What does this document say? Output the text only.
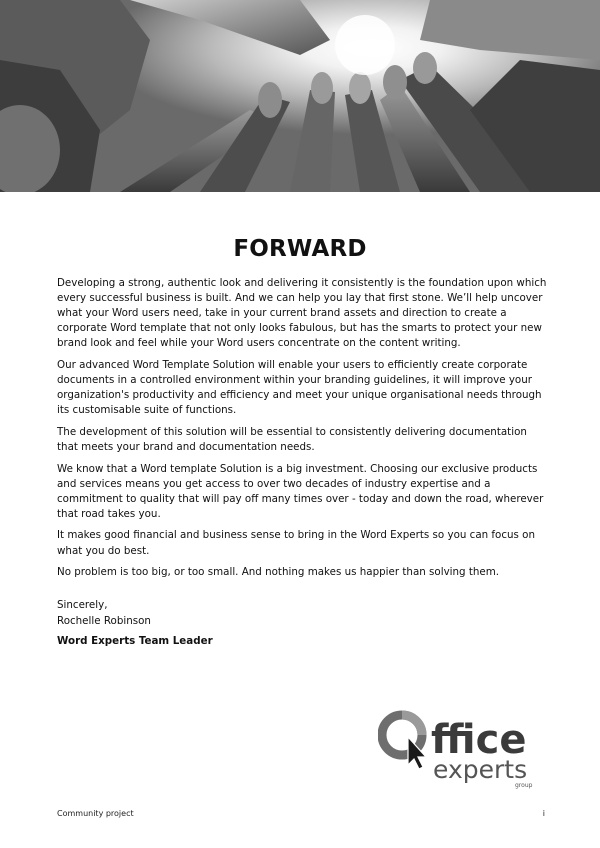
FORWARD

Developing a strong, authentic look and delivering it consistently is the foundation upon which every successful business is built. And we can help you lay that first stone. We’ll help uncover what your Word users need, take in your current brand assets and direction to create a corporate Word template that not only looks fabulous, but has the smarts to protect your new brand look and feel while your Word users concentrate on the content writing.

Our advanced Word Template Solution will enable your users to efficiently create corporate documents in a controlled environment within your branding guidelines, it will improve your organization's productivity and efficiency and meet your unique organisational needs through its customisable suite of functions.

The development of this solution will be essential to consistently delivering documentation that meets your brand and documentation needs.

We know that a Word template Solution is a big investment. Choosing our exclusive products and services means you get access to over two decades of industry expertise and a commitment to quality that will pay off many times over - today and down the road, wherever that road takes you.

It makes good financial and business sense to bring in the Word Experts so you can focus on what you do best.

No problem is too big, or too small. And nothing makes us happier than solving them.

Sincerely,
Rochelle Robinson
Word Experts Team Leader
ffice
experts
group
Community project	i
